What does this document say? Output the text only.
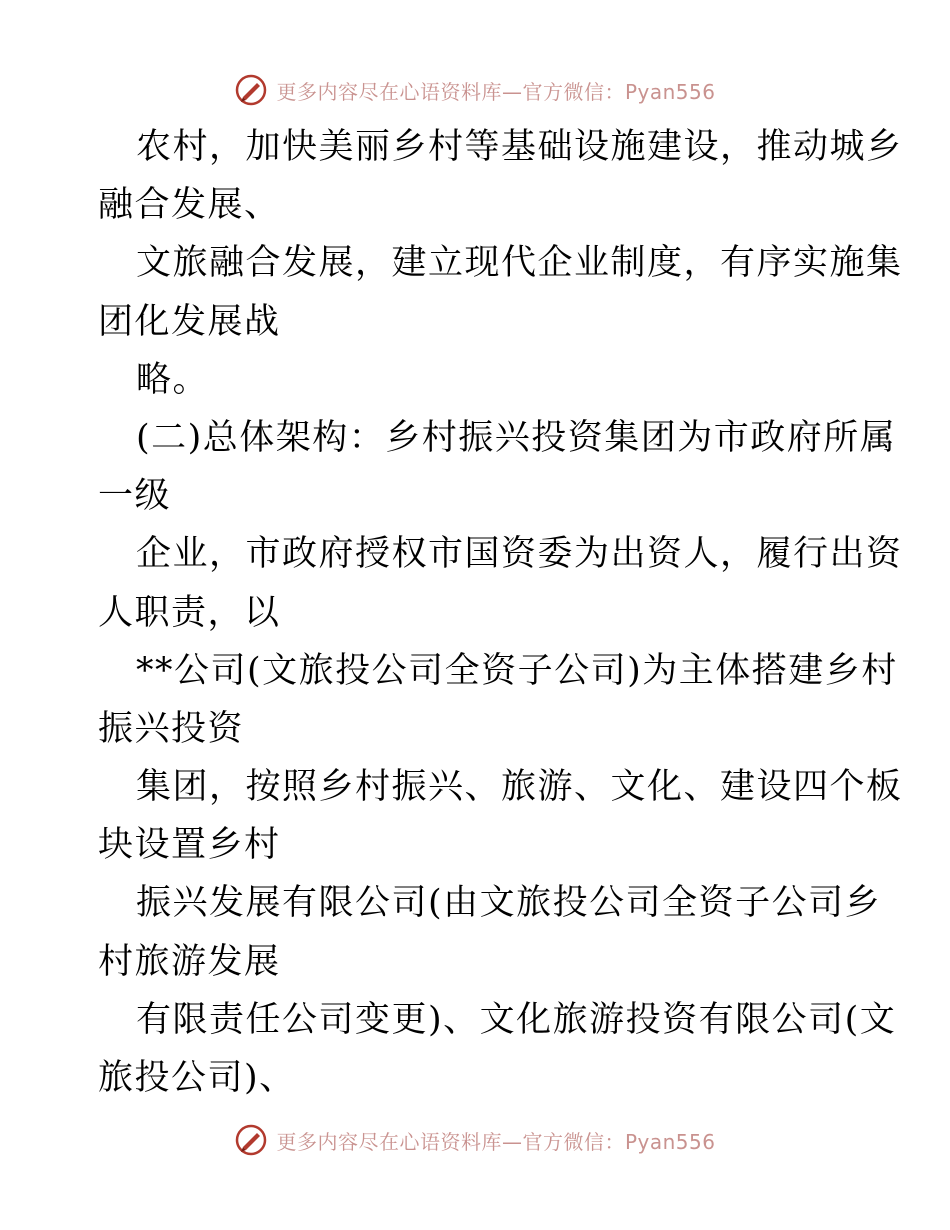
更多内容尽在心语资料库—官方微信：Pyan556
农村，加快美丽乡村等基础设施建设，推动城乡
融合发展、
文旅融合发展，建立现代企业制度，有序实施集
团化发展战
略。
(二)总体架构：乡村振兴投资集团为市政府所属
一级
企业，市政府授权市国资委为出资人，履行出资
人职责，以
**公司(文旅投公司全资子公司)为主体搭建乡村
振兴投资
集团，按照乡村振兴、旅游、文化、建设四个板
块设置乡村
振兴发展有限公司(由文旅投公司全资子公司乡
村旅游发展
有限责任公司变更)、文化旅游投资有限公司(文
旅投公司)、
更多内容尽在心语资料库—官方微信：Pyan556
